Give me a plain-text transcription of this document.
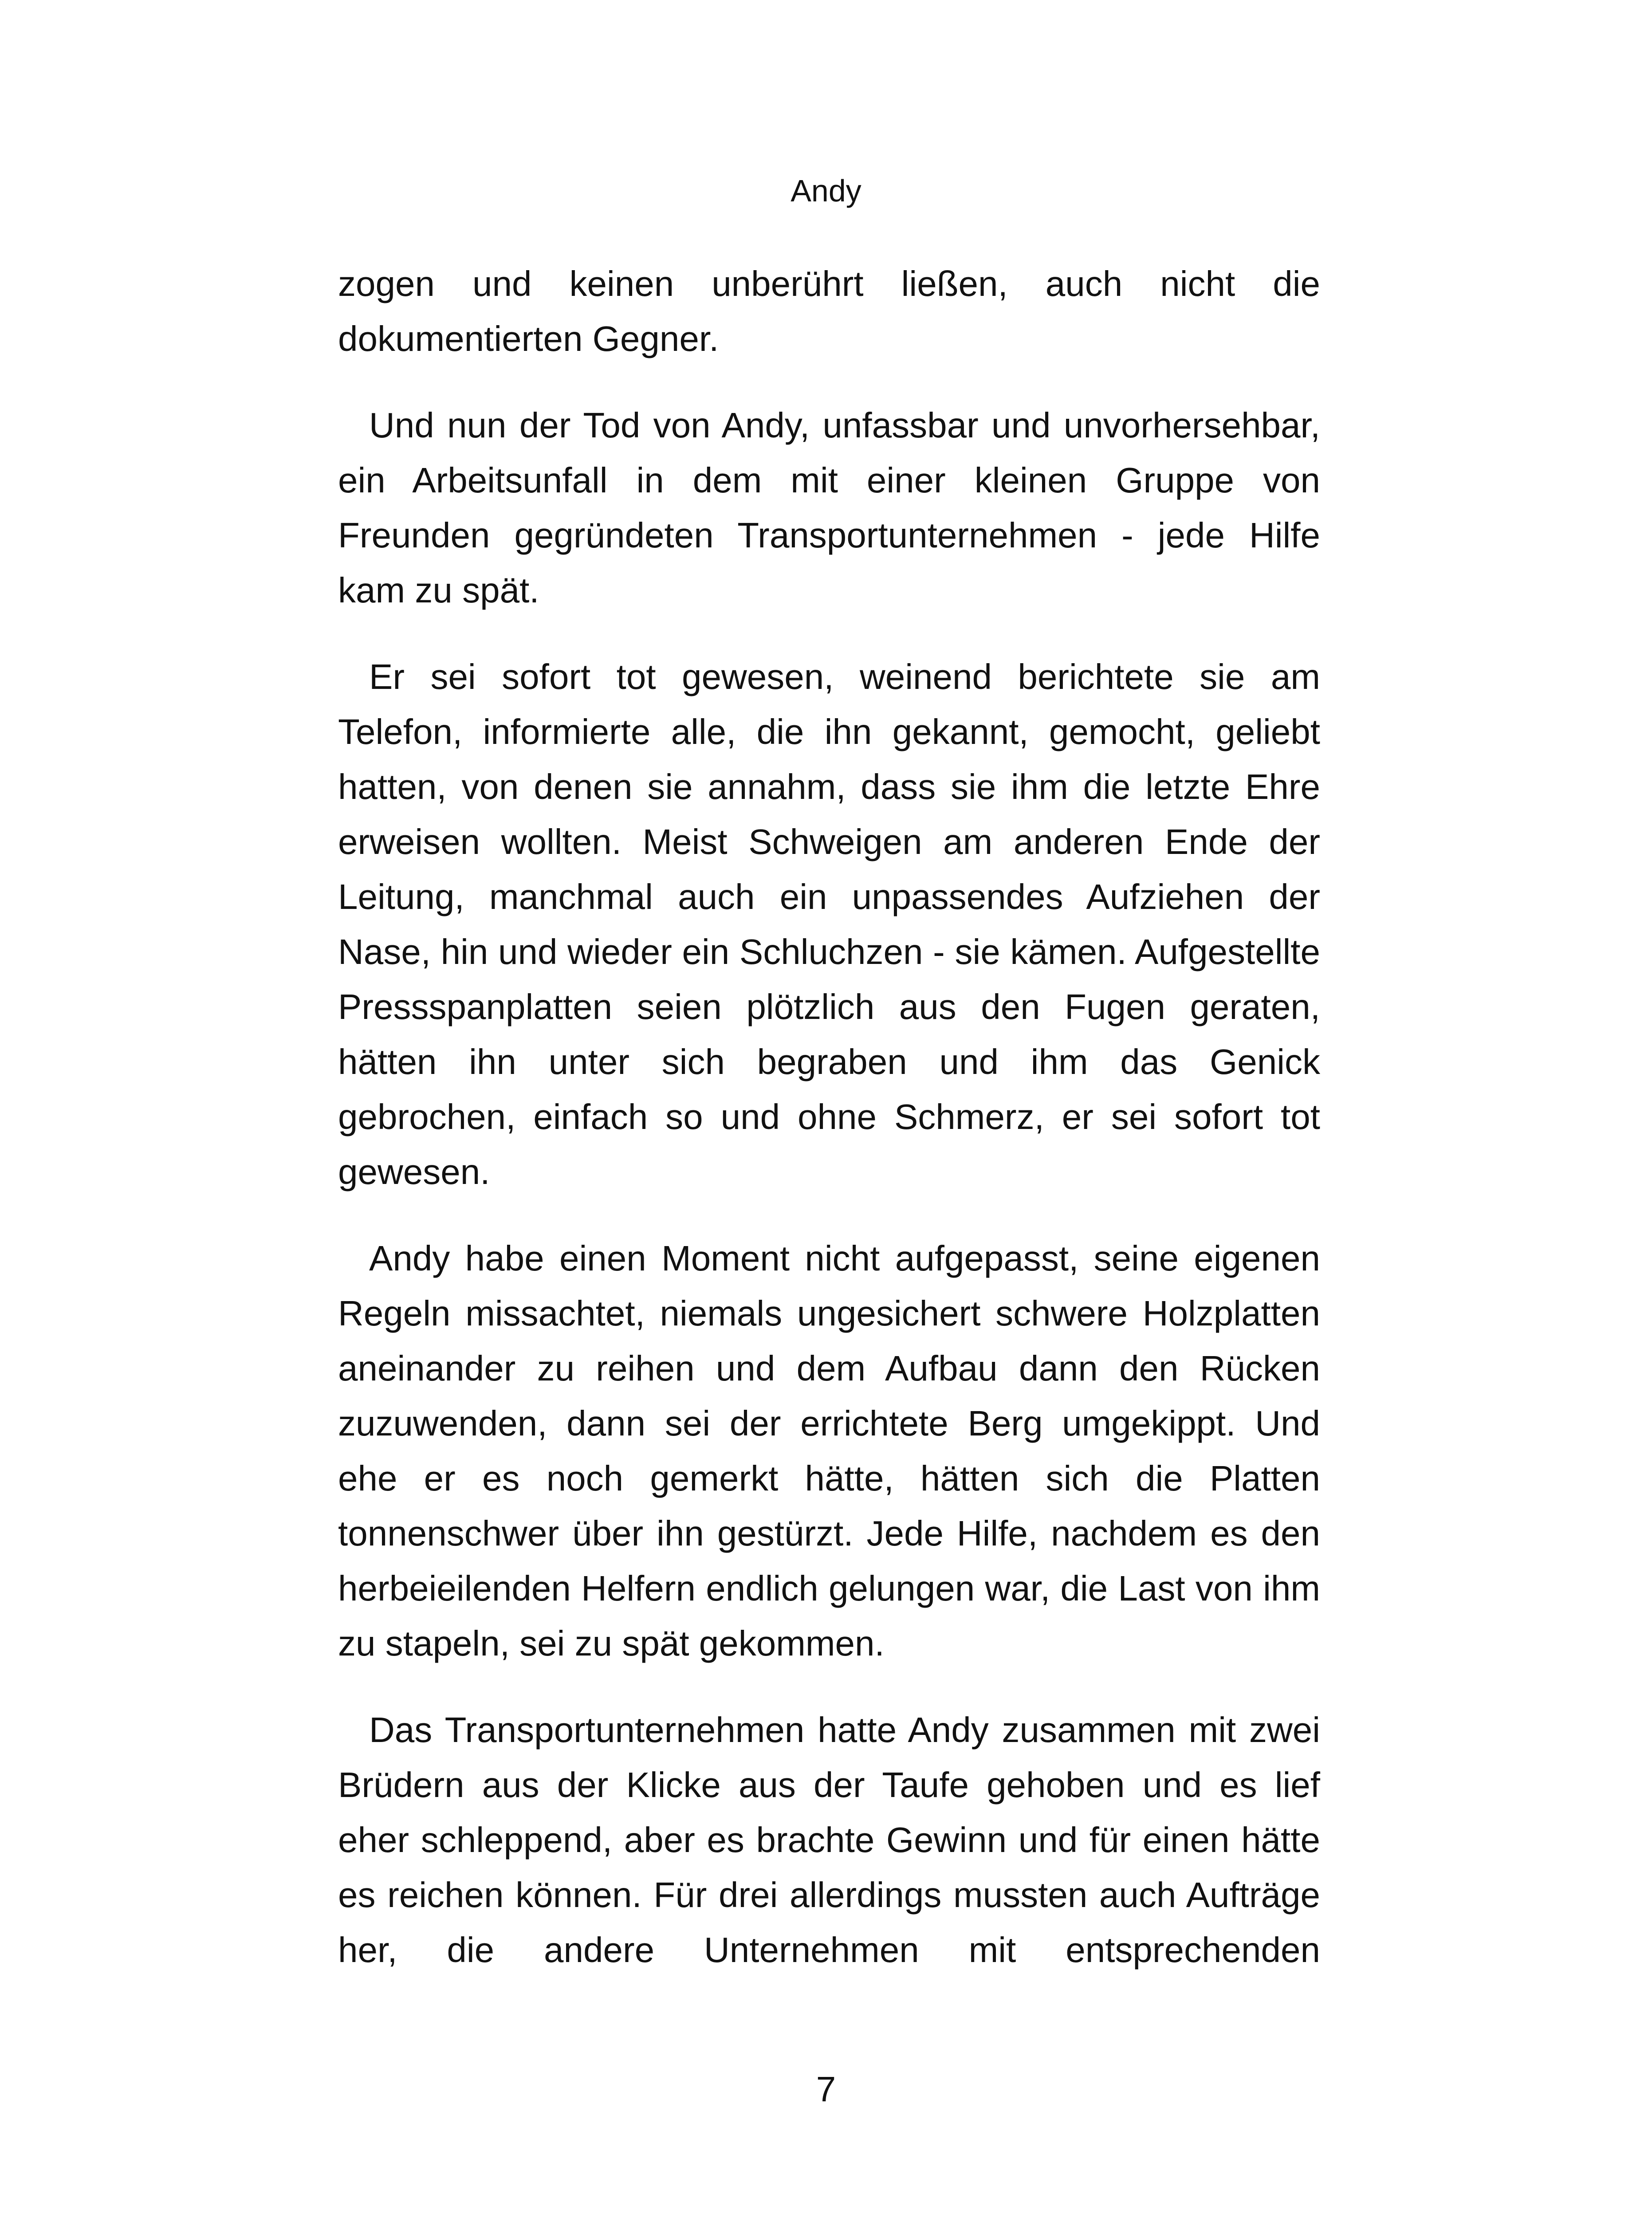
Andy

zogen und keinen unberührt ließen, auch nicht die dokumentierten Gegner.

Und nun der Tod von Andy, unfassbar und unvorhersehbar, ein Arbeitsunfall in dem mit einer kleinen Gruppe von Freunden gegründeten Transportunternehmen - jede Hilfe kam zu spät.

Er sei sofort tot gewesen, weinend berichtete sie am Telefon, informierte alle, die ihn gekannt, gemocht, geliebt hatten, von denen sie annahm, dass sie ihm die letzte Ehre erweisen wollten. Meist Schweigen am anderen Ende der Leitung, manchmal auch ein unpassendes Aufziehen der Nase, hin und wieder ein Schluchzen - sie kämen. Aufgestellte Pressspanplatten seien plötzlich aus den Fugen geraten, hätten ihn unter sich begraben und ihm das Genick gebrochen, einfach so und ohne Schmerz, er sei sofort tot gewesen.

Andy habe einen Moment nicht aufgepasst, seine eigenen Regeln missachtet, niemals ungesichert schwere Holzplatten aneinander zu reihen und dem Aufbau dann den Rücken zuzuwenden, dann sei der errichtete Berg umgekippt. Und ehe er es noch gemerkt hätte, hätten sich die Platten tonnenschwer über ihn gestürzt. Jede Hilfe, nachdem es den herbeieilenden Helfern endlich gelungen war, die Last von ihm zu stapeln, sei zu spät gekommen.

Das Transportunternehmen hatte Andy zusammen mit zwei Brüdern aus der Klicke aus der Taufe gehoben und es lief eher schleppend, aber es brachte Gewinn und für einen hätte es reichen können. Für drei allerdings mussten auch Aufträge her, die andere Unternehmen mit entsprechenden

7
